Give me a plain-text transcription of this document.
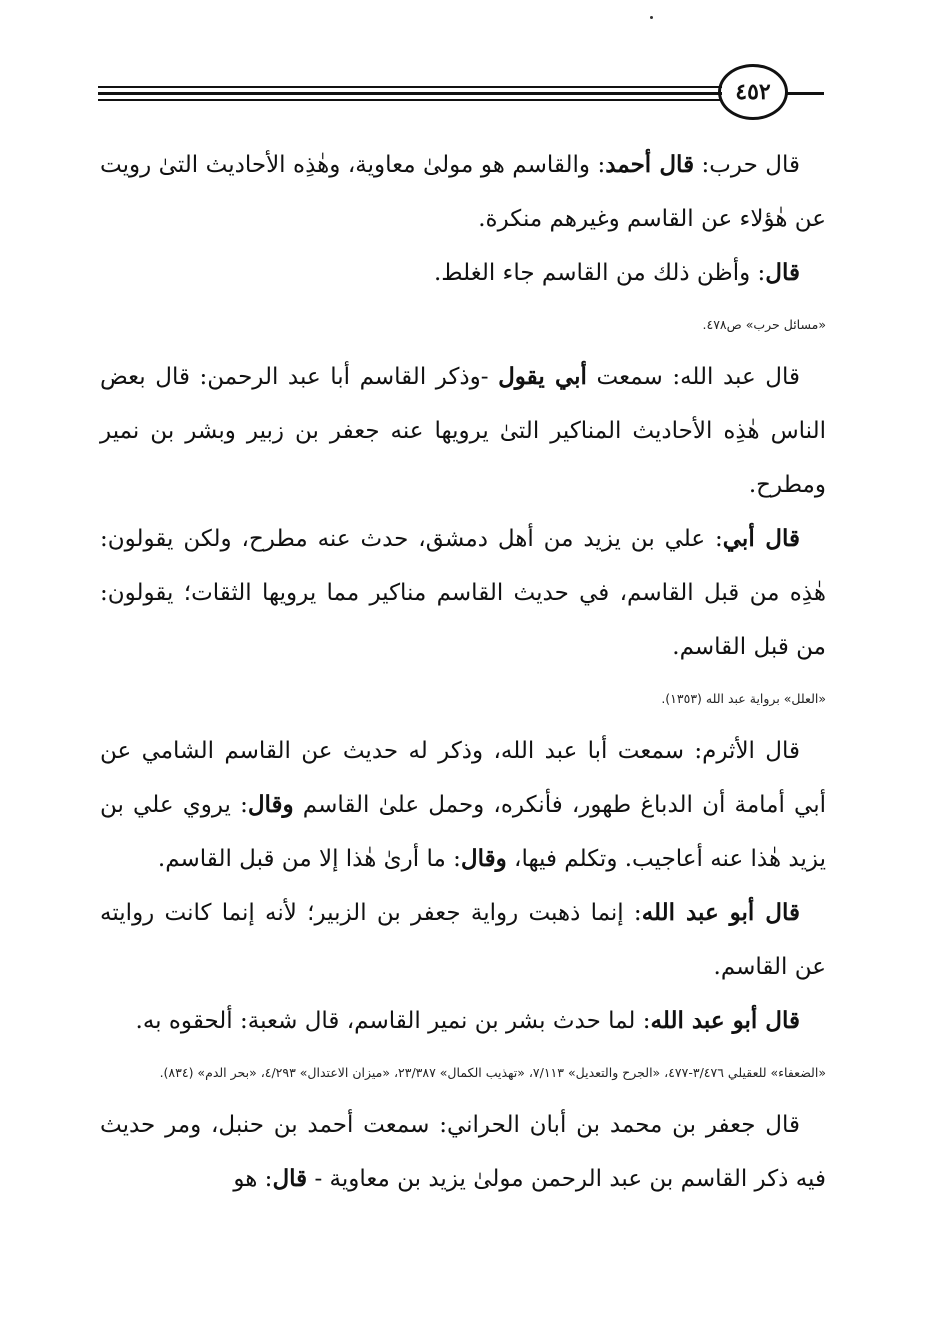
٤٥٢

قال حرب: قال أحمد: والقاسم هو مولىٰ معاوية، وهٰذِه الأحاديث التىٰ رويت عن هٰؤلاء عن القاسم وغيرهم منكرة.

قال: وأظن ذلك من القاسم جاء الغلط.

«مسائل حرب» ص٤٧٨.

قال عبد الله: سمعت أبي يقول -وذكر القاسم أبا عبد الرحمن: قال بعض الناس هٰذِه الأحاديث المناكير التىٰ يرويها عنه جعفر بن زبير وبشر بن نمير ومطرح.

قال أبي: علي بن يزيد من أهل دمشق، حدث عنه مطرح، ولكن يقولون: هٰذِه من قبل القاسم، في حديث القاسم مناكير مما يرويها الثقات؛ يقولون: من قبل القاسم.

«العلل» برواية عبد الله (١٣٥٣).

قال الأثرم: سمعت أبا عبد الله، وذكر له حديث عن القاسم الشامي عن أبي أمامة أن الدباغ طهور، فأنكره، وحمل علىٰ القاسم وقال: يروي علي بن يزيد هٰذا عنه أعاجيب. وتكلم فيها، وقال: ما أرىٰ هٰذا إلا من قبل القاسم.

قال أبو عبد الله: إنما ذهبت رواية جعفر بن الزبير؛ لأنه إنما كانت روايته عن القاسم.

قال أبو عبد الله: لما حدث بشر بن نمير القاسم، قال شعبة: ألحقوه به.

«الضعفاء» للعقيلي ٣/٤٧٦-٤٧٧، «الجرح والتعديل» ٧/١١٣، «تهذيب الكمال» ٢٣/٣٨٧، «ميزان الاعتدال» ٤/٢٩٣، «بحر الدم» (٨٣٤).

قال جعفر بن محمد بن أبان الحراني: سمعت أحمد بن حنبل، ومر حديث فيه ذكر القاسم بن عبد الرحمن مولىٰ يزيد بن معاوية - قال: هو
